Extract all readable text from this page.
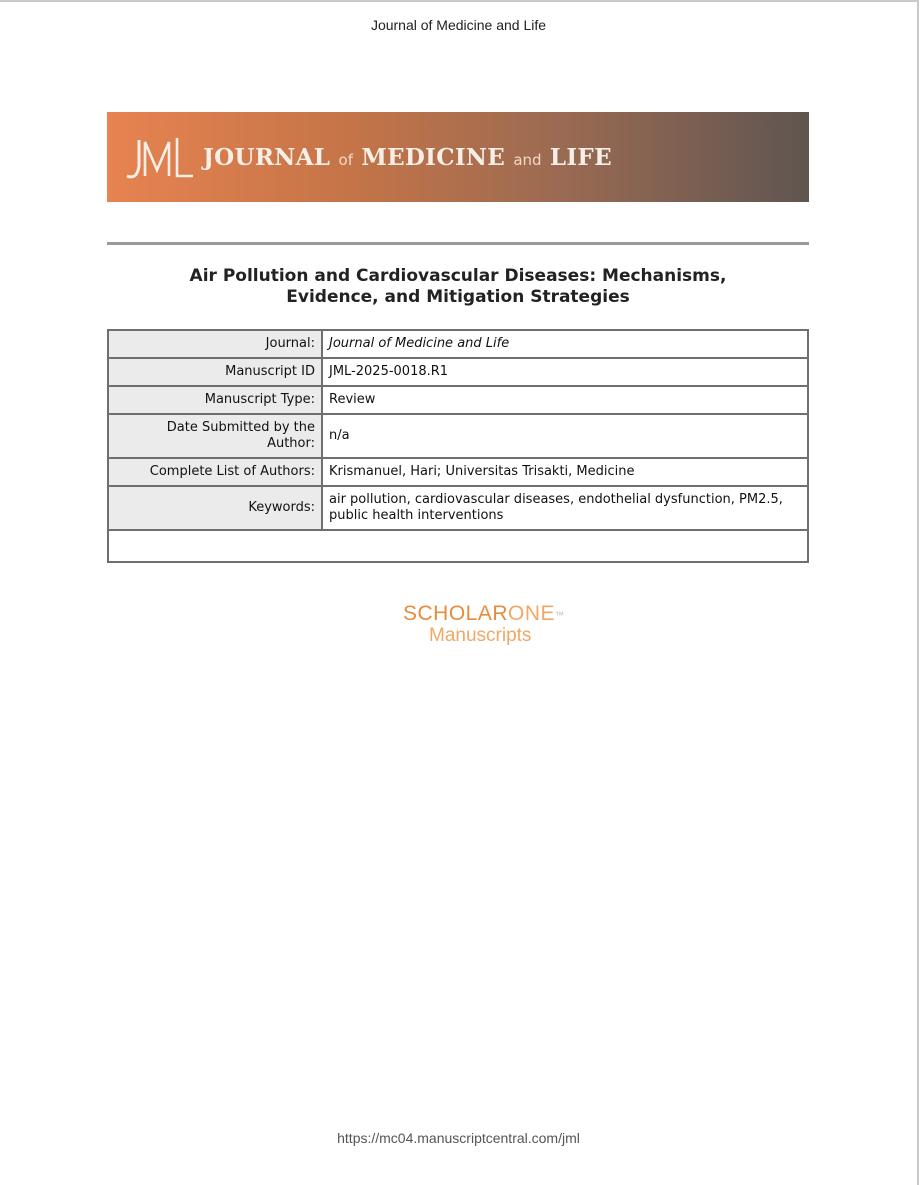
Journal of Medicine and Life
JOURNAL of MEDICINE and LIFE
Air Pollution and Cardiovascular Diseases: Mechanisms,
Evidence, and Mitigation Strategies
Journal:	Journal of Medicine and Life
Manuscript ID	JML-2025-0018.R1
Manuscript Type:	Review
Date Submitted by the Author:	n/a
Complete List of Authors:	Krismanuel, Hari; Universitas Trisakti, Medicine
Keywords:	air pollution, cardiovascular diseases, endothelial dysfunction, PM2.5, public health interventions

SCHOLARONE™
Manuscripts
https://mc04.manuscriptcentral.com/jml
